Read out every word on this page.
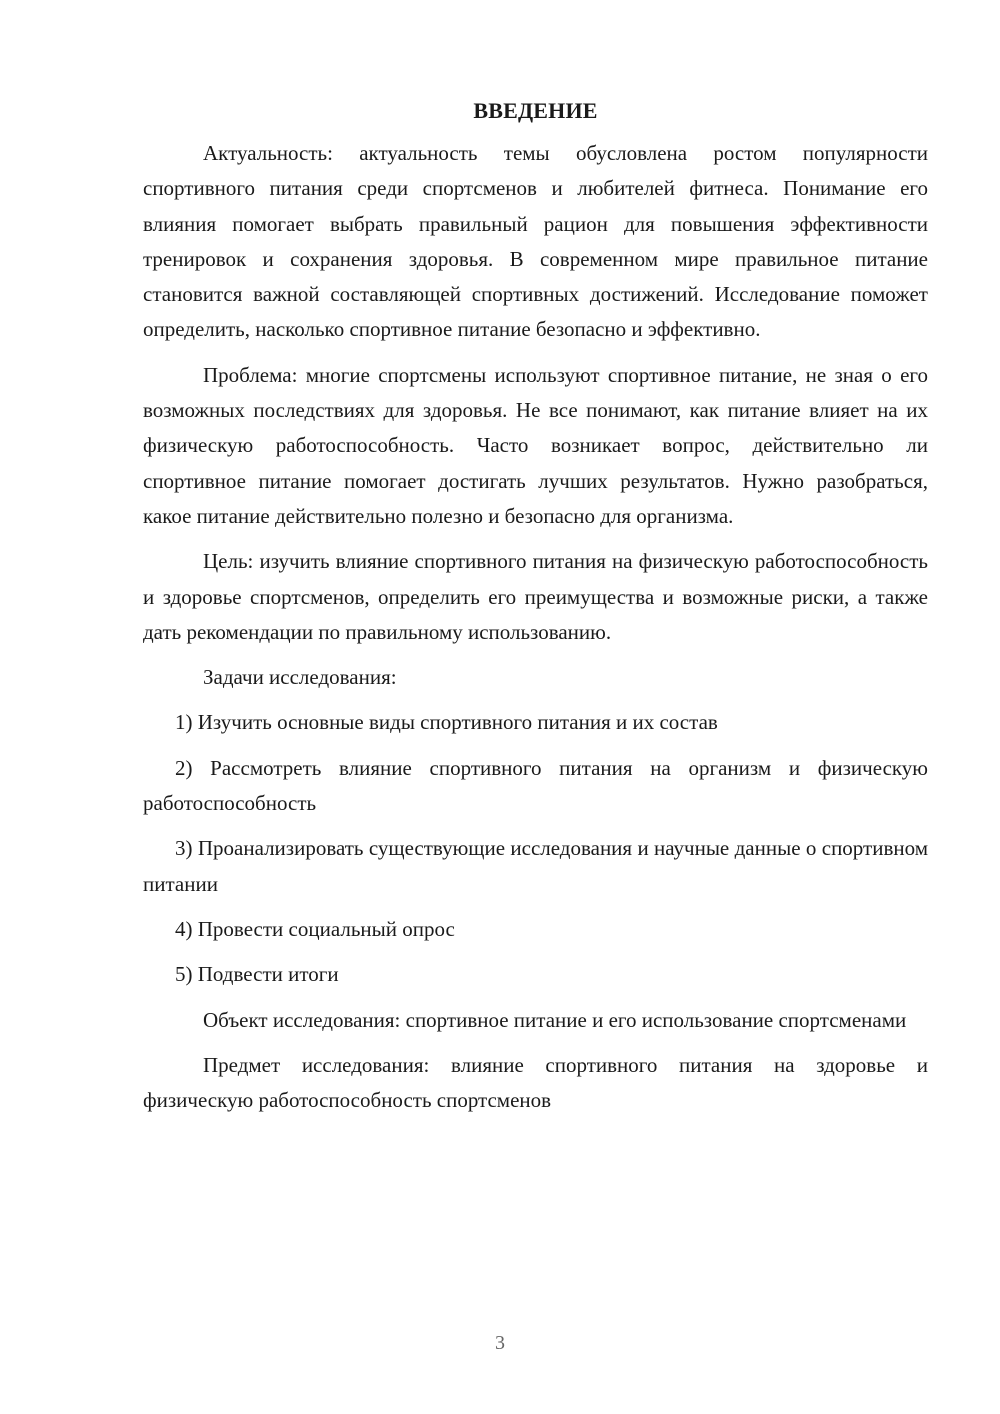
ВВЕДЕНИЕ

Актуальность: актуальность темы обусловлена ростом популярности спортивного питания среди спортсменов и любителей фитнеса. Понимание его влияния помогает выбрать правильный рацион для повышения эффективности тренировок и сохранения здоровья. В современном мире правильное питание становится важной составляющей спортивных достижений. Исследование поможет определить, насколько спортивное питание безопасно и эффективно.

Проблема: многие спортсмены используют спортивное питание, не зная о его возможных последствиях для здоровья. Не все понимают, как питание влияет на их физическую работоспособность. Часто возникает вопрос, действительно ли спортивное питание помогает достигать лучших результатов. Нужно разобраться, какое питание действительно полезно и безопасно для организма.

Цель: изучить влияние спортивного питания на физическую работоспособность и здоровье спортсменов, определить его преимущества и возможные риски, а также дать рекомендации по правильному использованию.

Задачи исследования:

1) Изучить основные виды спортивного питания и их состав

2) Рассмотреть влияние спортивного питания на организм и физическую работоспособность

3) Проанализировать существующие исследования и научные данные о спортивном питании

4) Провести социальный опрос

5) Подвести итоги

Объект исследования: спортивное питание и его использование спортсменами

Предмет исследования: влияние спортивного питания на здоровье и физическую работоспособность спортсменов

3
